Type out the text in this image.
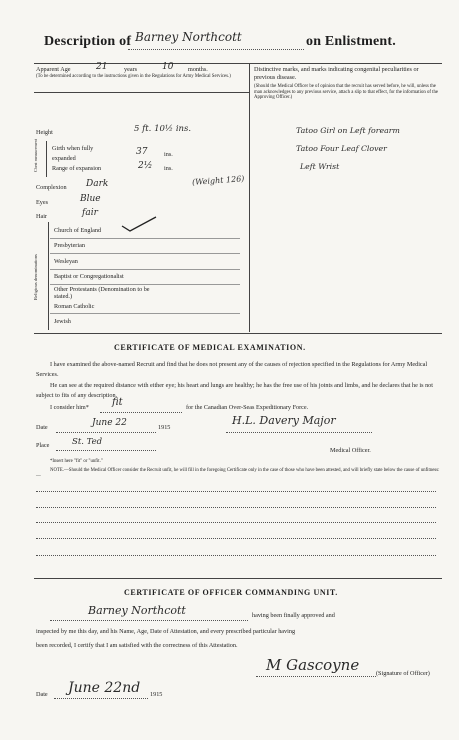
Description of Barney Northcott	on Enlistment.
Apparent Age	21	years	10 months.
(To be determined according to the instructions given in the Regulations for Army Medical Services.)
Height	5 ft. 10½ ins.
Chest measurement Girth when fully expanded
37	ins.
Range of expansion	2½ ins.
Complexion Dark	(Weight 126)
Eyes	Blue
Hair	fair
Religious denominations
Church of England
Presbyterian
Wesleyan
Baptist or Congregationalist
Other Protestants (Denomination to be stated.)
Roman Catholic
Jewish
Distinctive marks, and marks indicating congenital peculiarities or previous disease.
(Should the Medical Officer be of opinion that the recruit has served before, he will, unless the man acknowledges to any previous service, attach a slip to that effect, for the information of the Approving Officer.)
Tatoo Girl on Left forearm
Tatoo Four Leaf Clover
Left Wrist
CERTIFICATE OF MEDICAL EXAMINATION.
I have examined the above-named Recruit and find that he does not present any of the causes of rejection specified in the Regulations for Army Medical Services.
He can see at the required distance with either eye; his heart and lungs are healthy; he has the free use of his joints and limbs, and he declares that he is not subject to fits of any description.
I consider him* fit	for the Canadian Over-Seas Expeditionary Force.
Date	June 22	1915
H.L. Davery Major
Place	St. Ted
Medical Officer.
*Insert here "fit" or "unfit."
NOTE.—Should the Medical Officer consider the Recruit unfit, he will fill in the foregoing Certificate only in the case of those who have been attested, and will briefly state below the cause of unfitness:—
CERTIFICATE OF OFFICER COMMANDING UNIT.
Barney Northcott	having been finally approved and
inspected by me this day, and his Name, Age, Date of Attestation, and every prescribed particular having
been recorded, I certify that I am satisfied with the correctness of this Attestation.
M Gascoyne	(Signature of Officer)
Date June 22nd 1915
